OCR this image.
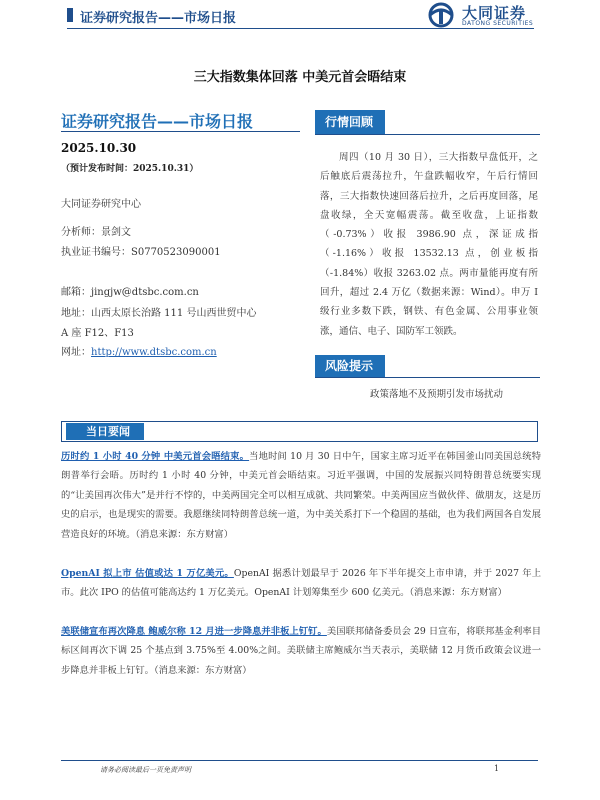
证券研究报告——市场日报	大同证券
DATONG SECURITIES
三大指数集体回落 中美元首会晤结束
证券研究报告——市场日报
2025.10.30
（预计发布时间：2025.10.31）
大同证券研究中心
分析师：景剑文
执业证书编号：S0770523090001
邮箱：jingjw@dtsbc.com.cn
地址：山西太原长治路 111 号山西世贸中心
A 座 F12、F13
网址：http://www.dtsbc.com.cn
行情回顾
周四（10 月 30 日），三大指数早盘低开，之后触底后震荡拉升，午盘跌幅收窄，午后行情回落，三大指数快速回落后拉升，之后再度回落，尾盘收绿，全天宽幅震荡。截至收盘，上证指数（-0.73%）收报 3986.90 点，深证成指（-1.16%）收报 13532.13 点，创业板指（-1.84%）收报 3263.02 点。两市量能再度有所回升，超过 2.4 万亿（数据来源：Wind）。申万 I 级行业多数下跌，钢铁、有色金属、公用事业领涨，通信、电子、国防军工领跌。
风险提示
政策落地不及预期引发市场扰动
当日要闻
历时约 1 小时 40 分钟 中美元首会晤结束。当地时间 10 月 30 日中午，国家主席习近平在韩国釜山同美国总统特朗普举行会晤。历时约 1 小时 40 分钟，中美元首会晤结束。习近平强调，中国的发展振兴同特朗普总统要实现的“让美国再次伟大”是并行不悖的，中美两国完全可以相互成就、共同繁荣。中美两国应当做伙伴、做朋友，这是历史的启示，也是现实的需要。我愿继续同特朗普总统一道，为中美关系打下一个稳固的基础，也为我们两国各自发展营造良好的环境。（消息来源：东方财富）
OpenAI 拟上市 估值或达 1 万亿美元。OpenAI 据悉计划最早于 2026 年下半年提交上市申请，并于 2027 年上市。此次 IPO 的估值可能高达约 1 万亿美元。OpenAI 计划筹集至少 600 亿美元。（消息来源：东方财富）
美联储宣布再次降息 鲍威尔称 12 月进一步降息并非板上钉钉。美国联邦储备委员会 29 日宣布，将联邦基金利率目标区间再次下调 25 个基点到 3.75%至 4.00%之间。美联储主席鲍威尔当天表示，美联储 12 月货币政策会议进一步降息并非板上钉钉。（消息来源：东方财富）
请务必阅读最后一页免责声明	1
